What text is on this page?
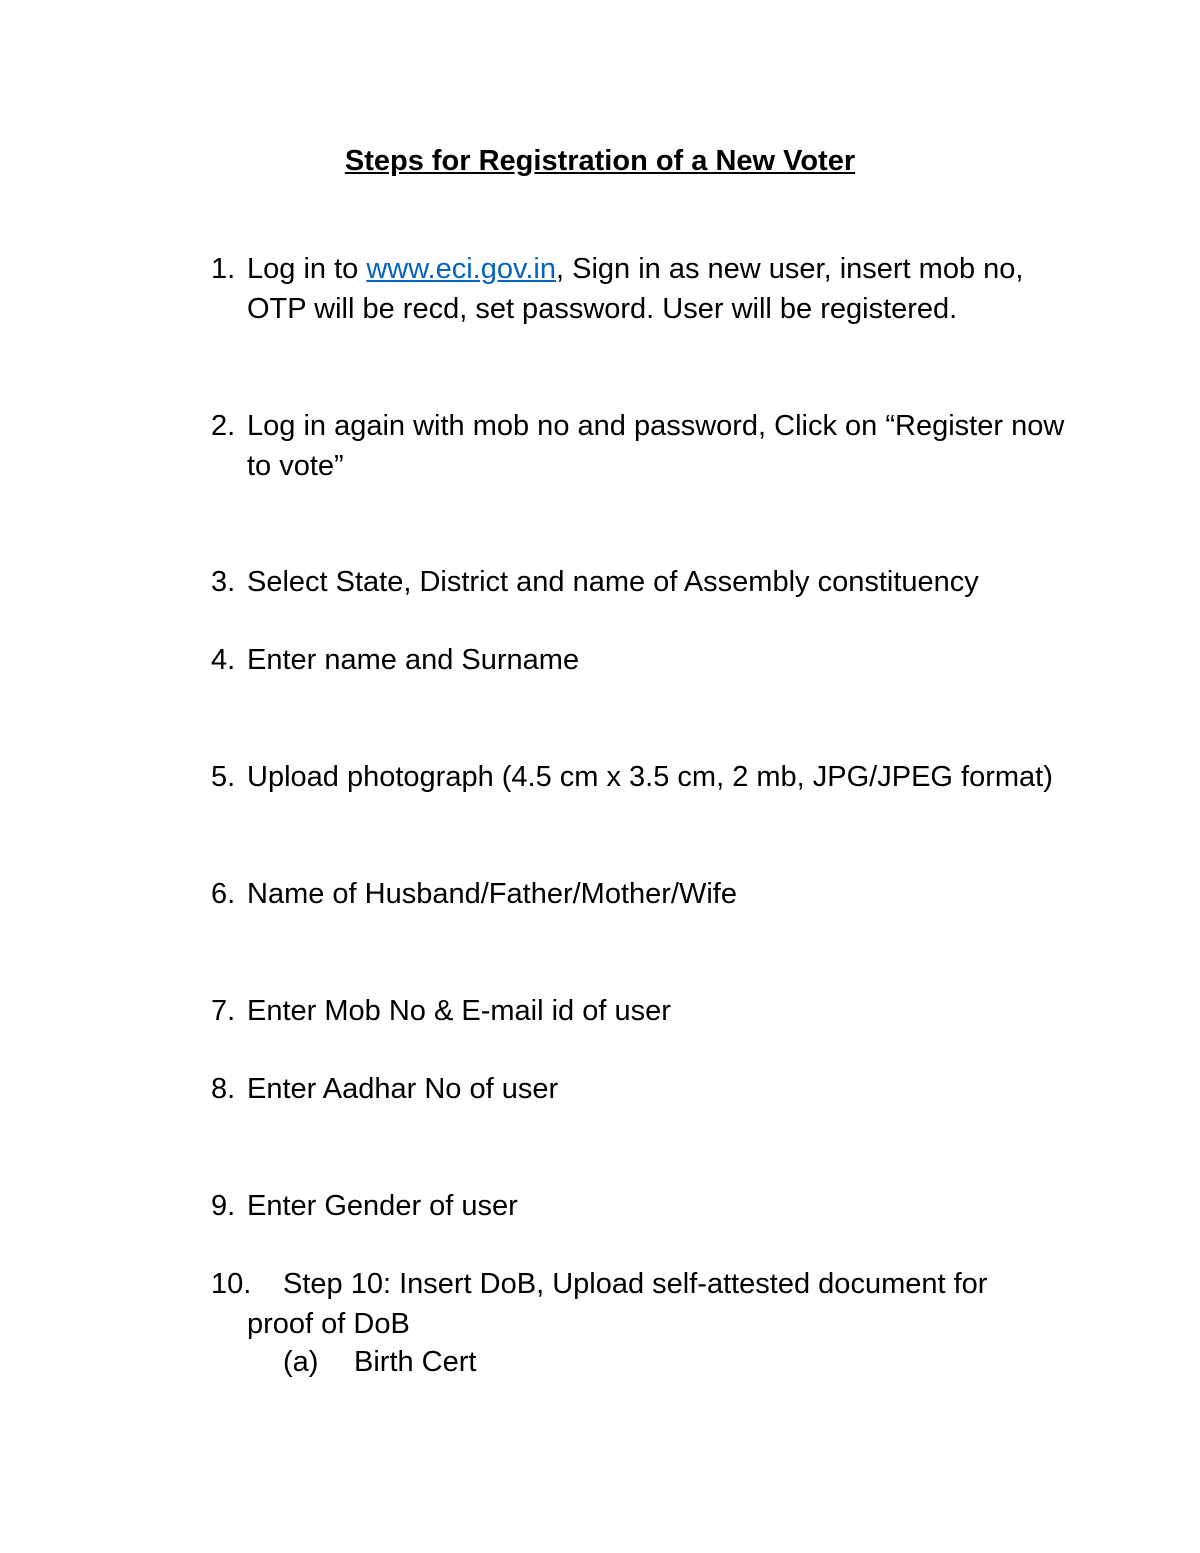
Steps for Registration of a New Voter
1. Log in to www.eci.gov.in, Sign in as new user, insert mob no, OTP will be recd, set password. User will be registered.
2. Log in again with mob no and password, Click on “Register now to vote”
3. Select State, District and name of Assembly constituency
4. Enter name and Surname
5. Upload photograph (4.5 cm x 3.5 cm, 2 mb, JPG/JPEG format)
6. Name of Husband/Father/Mother/Wife
7. Enter Mob No & E-mail id of user
8. Enter Aadhar No of user
9. Enter Gender of user
10. Step 10: Insert DoB, Upload self-attested document for
proof of DoB
(a) Birth Cert
